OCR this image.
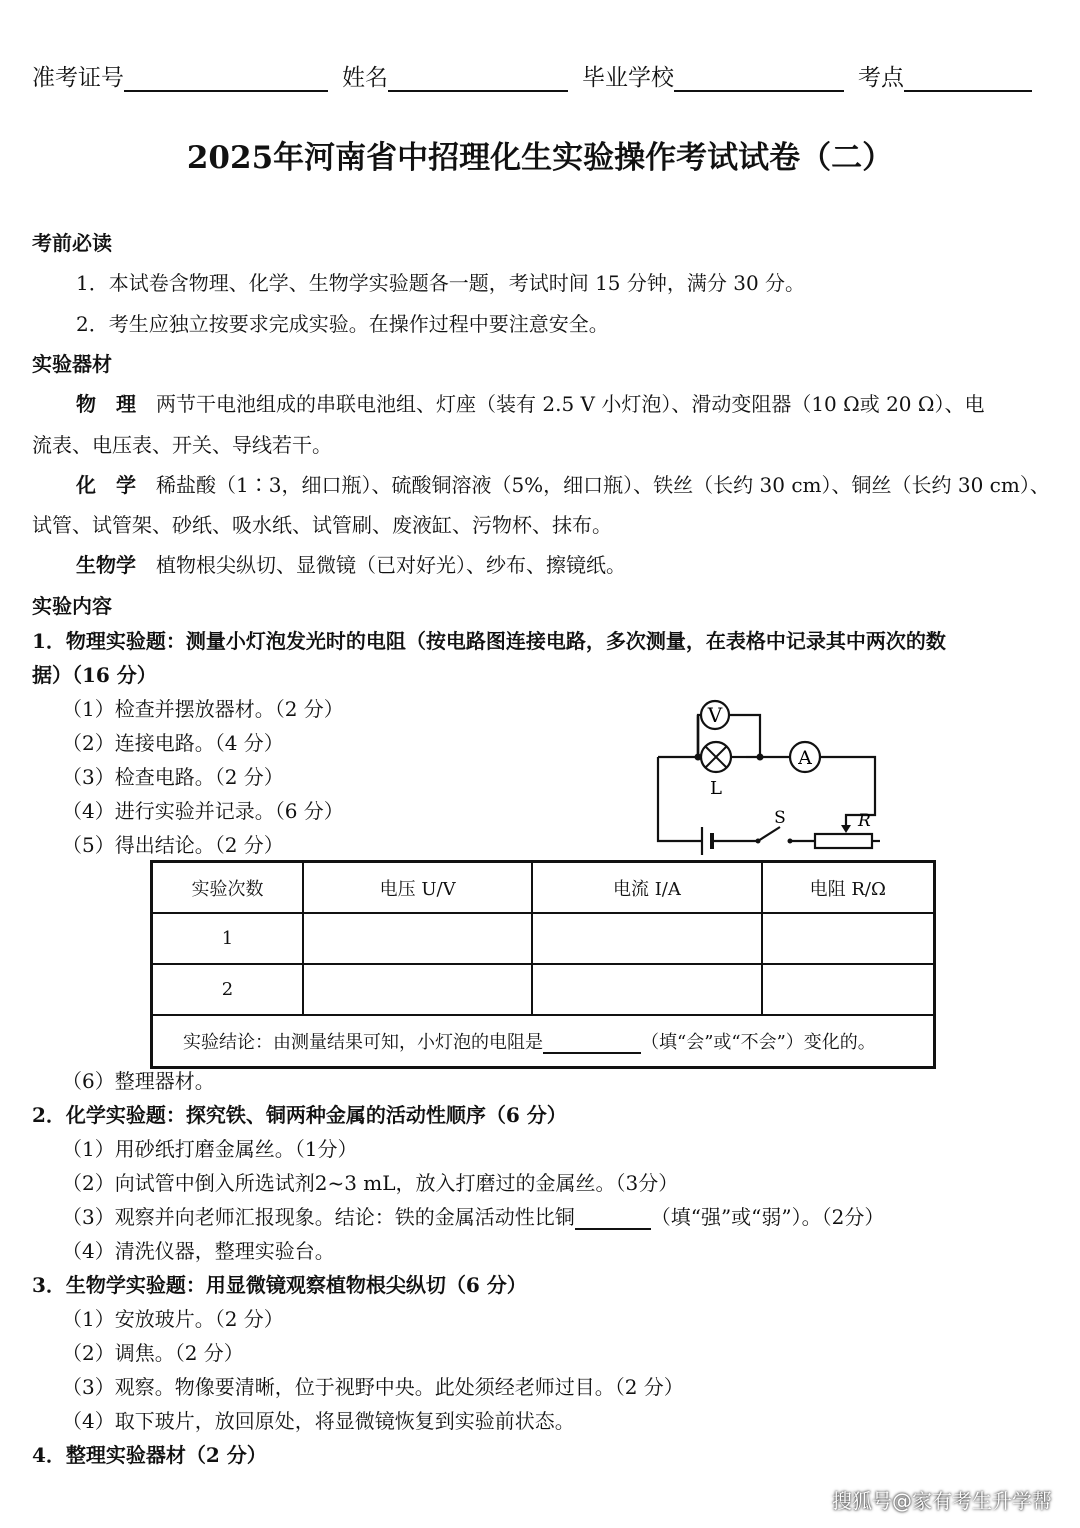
准考证号	姓名	毕业学校	考点
2025年河南省中招理化生实验操作考试试卷（二）
考前必读
1．本试卷含物理、化学、生物学实验题各一题，考试时间 15 分钟，满分 30 分。
2．考生应独立按要求完成实验。在操作过程中要注意安全。
实验器材
物　理　 两节干电池组成的串联电池组、灯座（装有 2.5 V 小灯泡）、滑动变阻器（10 Ω或 20 Ω）、电
流表、电压表、开关、导线若干。
化　学　 稀盐酸（1∶3，细口瓶）、硫酸铜溶液（5%，细口瓶）、铁丝（长约 30 cm）、铜丝（长约 30 cm）、
试管、试管架、砂纸、吸水纸、试管刷、废液缸、污物杯、抹布。
生物学　 植物根尖纵切、显微镜（已对好光）、纱布、擦镜纸。
实验内容
1．物理实验题：测量小灯泡发光时的电阻（按电路图连接电路，多次测量，在表格中记录其中两次的数
据）（16 分）
（1）检查并摆放器材。（2 分）
（2）连接电路。（4 分）
（3）检查电路。（2 分）
（4）进行实验并记录。（6 分）
（5）得出结论。（2 分）
V
L
A
S	R
实验次数	电压 U/V	电流 I/A	电阻 R/Ω
1			
2			
实验结论：由测量结果可知，小灯泡的电阻是 （填“会”或“不会”）变化的。			
（6）整理器材。
2．化学实验题：探究铁、铜两种金属的活动性顺序（6 分）
（1）用砂纸打磨金属丝。（1分）
（2）向试管中倒入所选试剂2~3 mL，放入打磨过的金属丝。（3分）
（3）观察并向老师汇报现象。结论：铁的金属活动性比铜	（填“强”或“弱”）。（2分）
（4）清洗仪器，整理实验台。
3．生物学实验题：用显微镜观察植物根尖纵切（6 分）
（1）安放玻片。（2 分）
（2）调焦。（2 分）
（3）观察。物像要清晰，位于视野中央。此处须经老师过目。（2 分）
（4）取下玻片，放回原处，将显微镜恢复到实验前状态。
4．整理实验器材（2 分）
搜狐号@家有考生升学帮
